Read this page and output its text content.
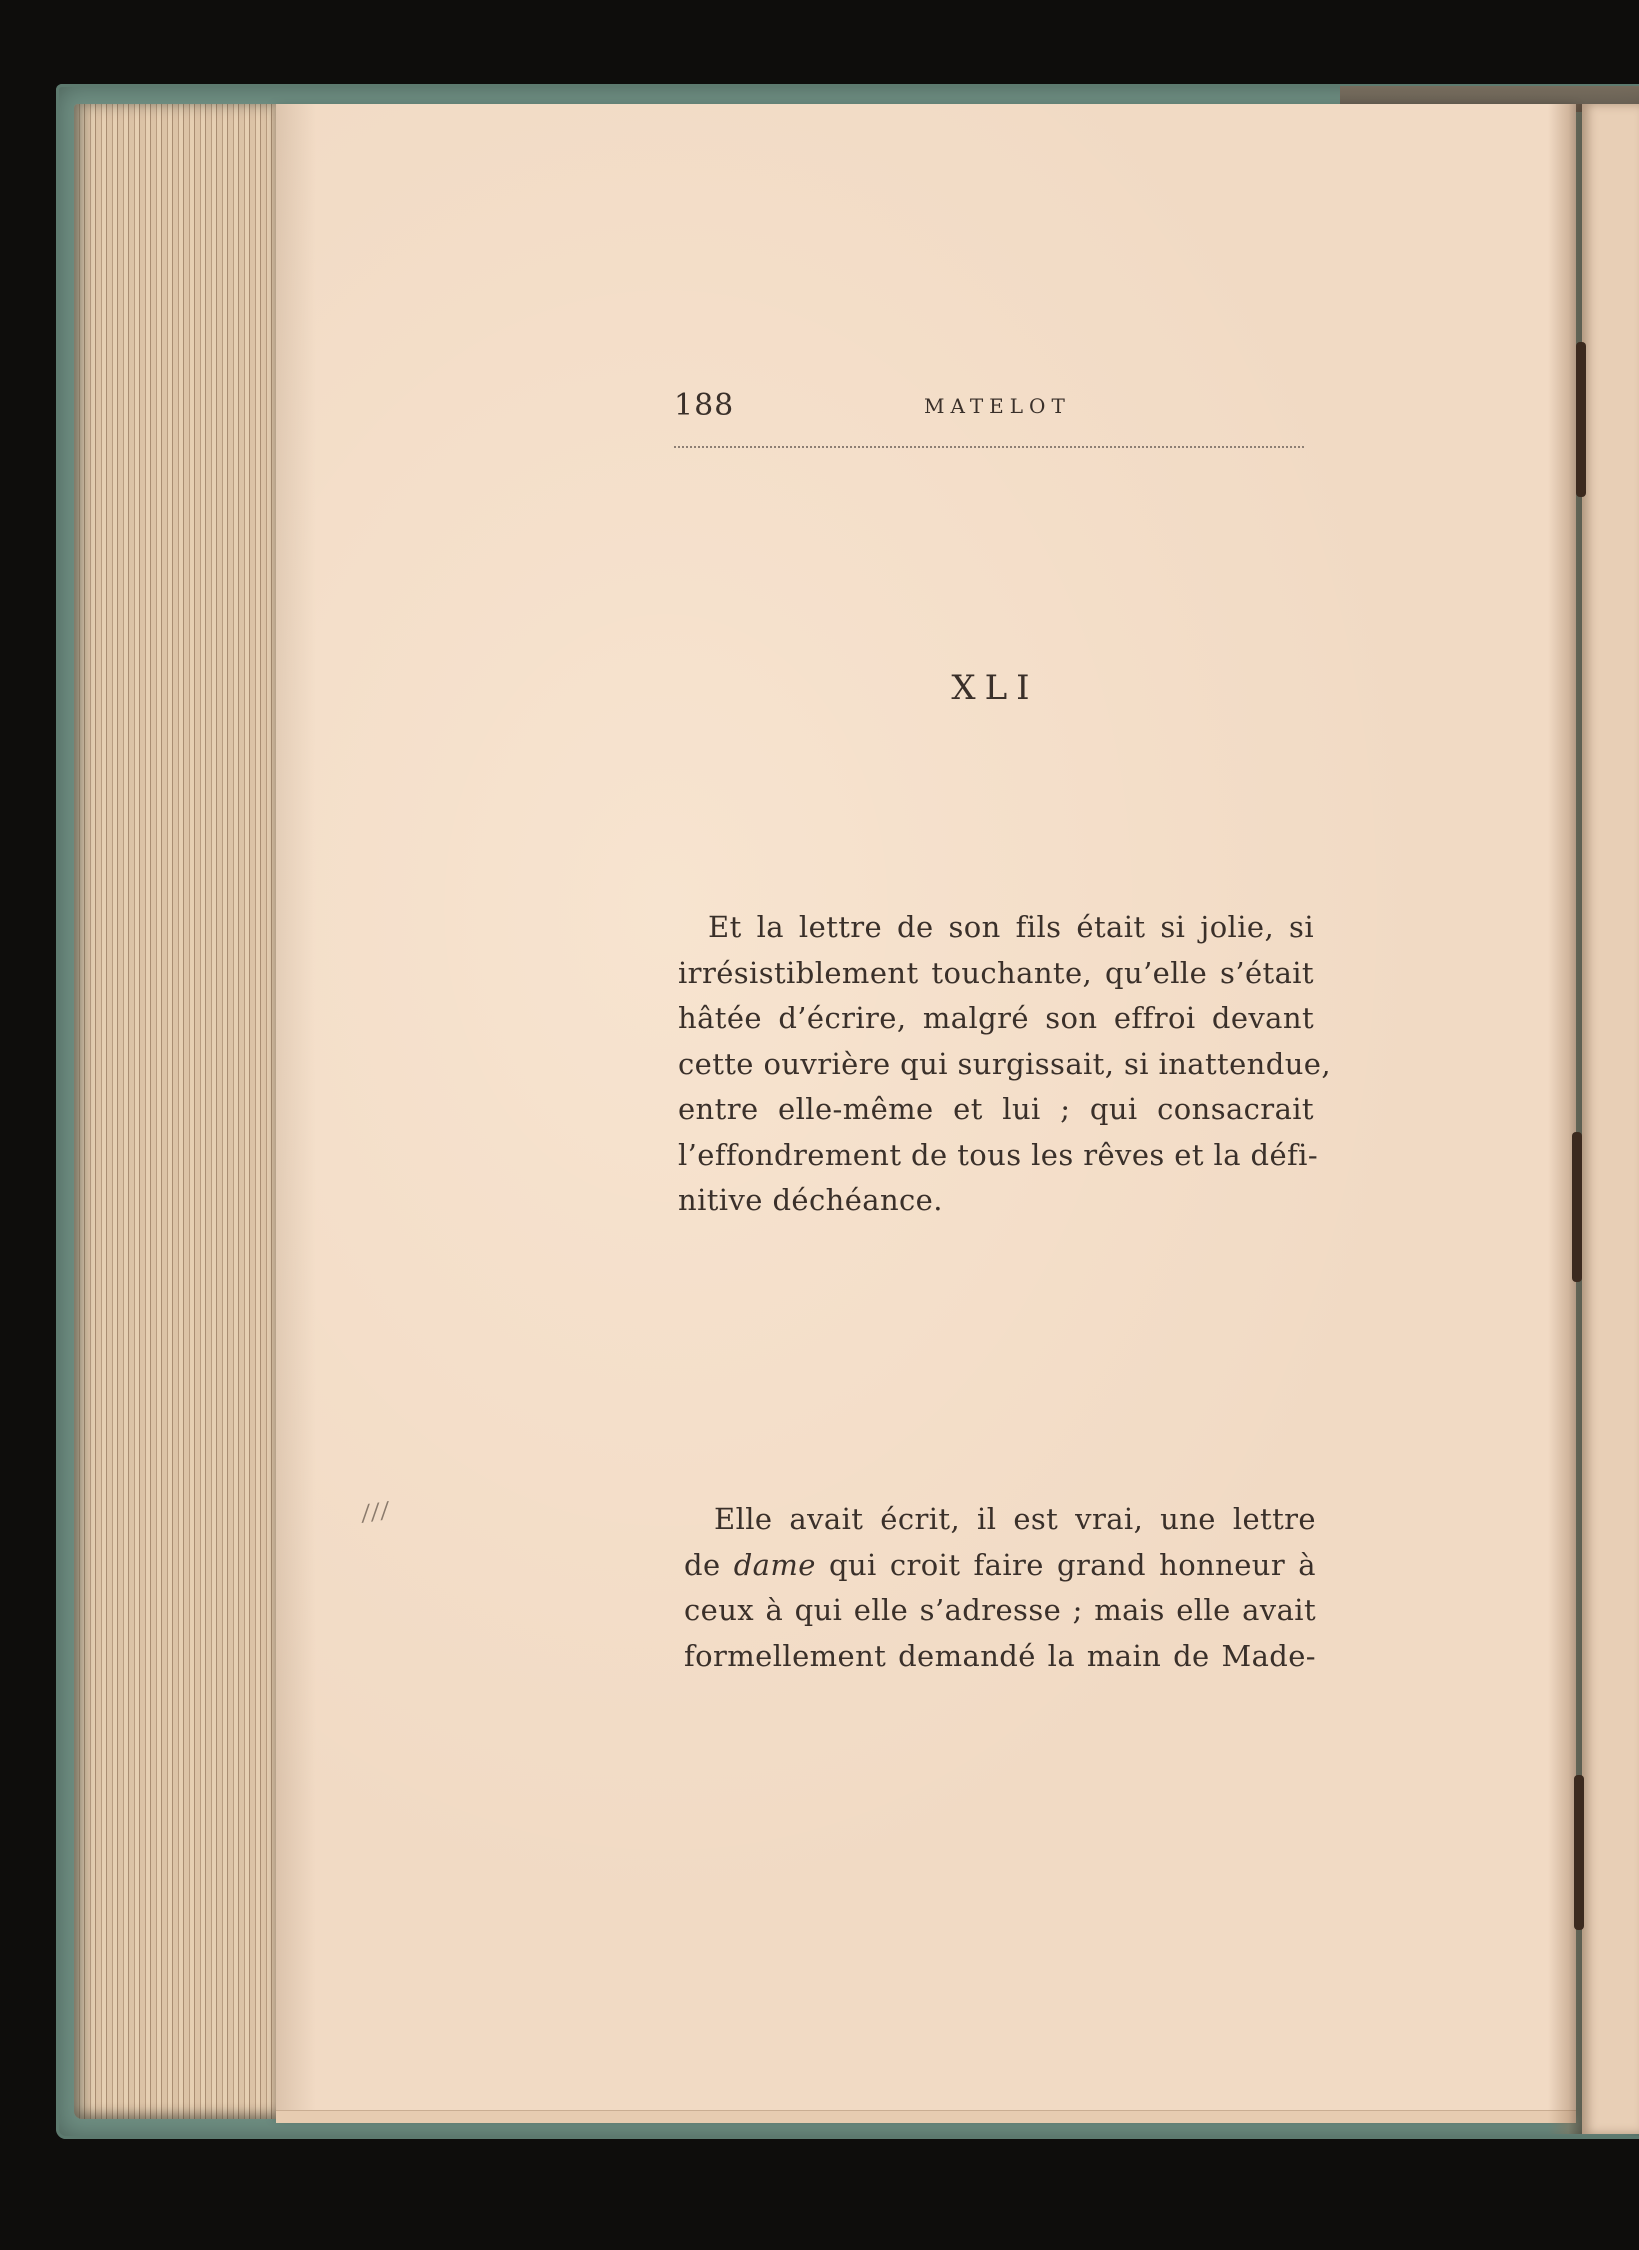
188	MATELOT
XLI

Et la lettre de son fils était si jolie, si
irrésistiblement touchante, qu’elle s’était
hâtée d’écrire, malgré son effroi devant
cette ouvrière qui surgissait, si inattendue,
entre elle-même et lui ; qui consacrait
l’effondrement de tous les rêves et la défi-
nitive déchéance.

Elle avait écrit, il est vrai, une lettre
de dame qui croit faire grand honneur à
ceux à qui elle s’adresse ; mais elle avait
formellement demandé la main de Made-

/ / /
